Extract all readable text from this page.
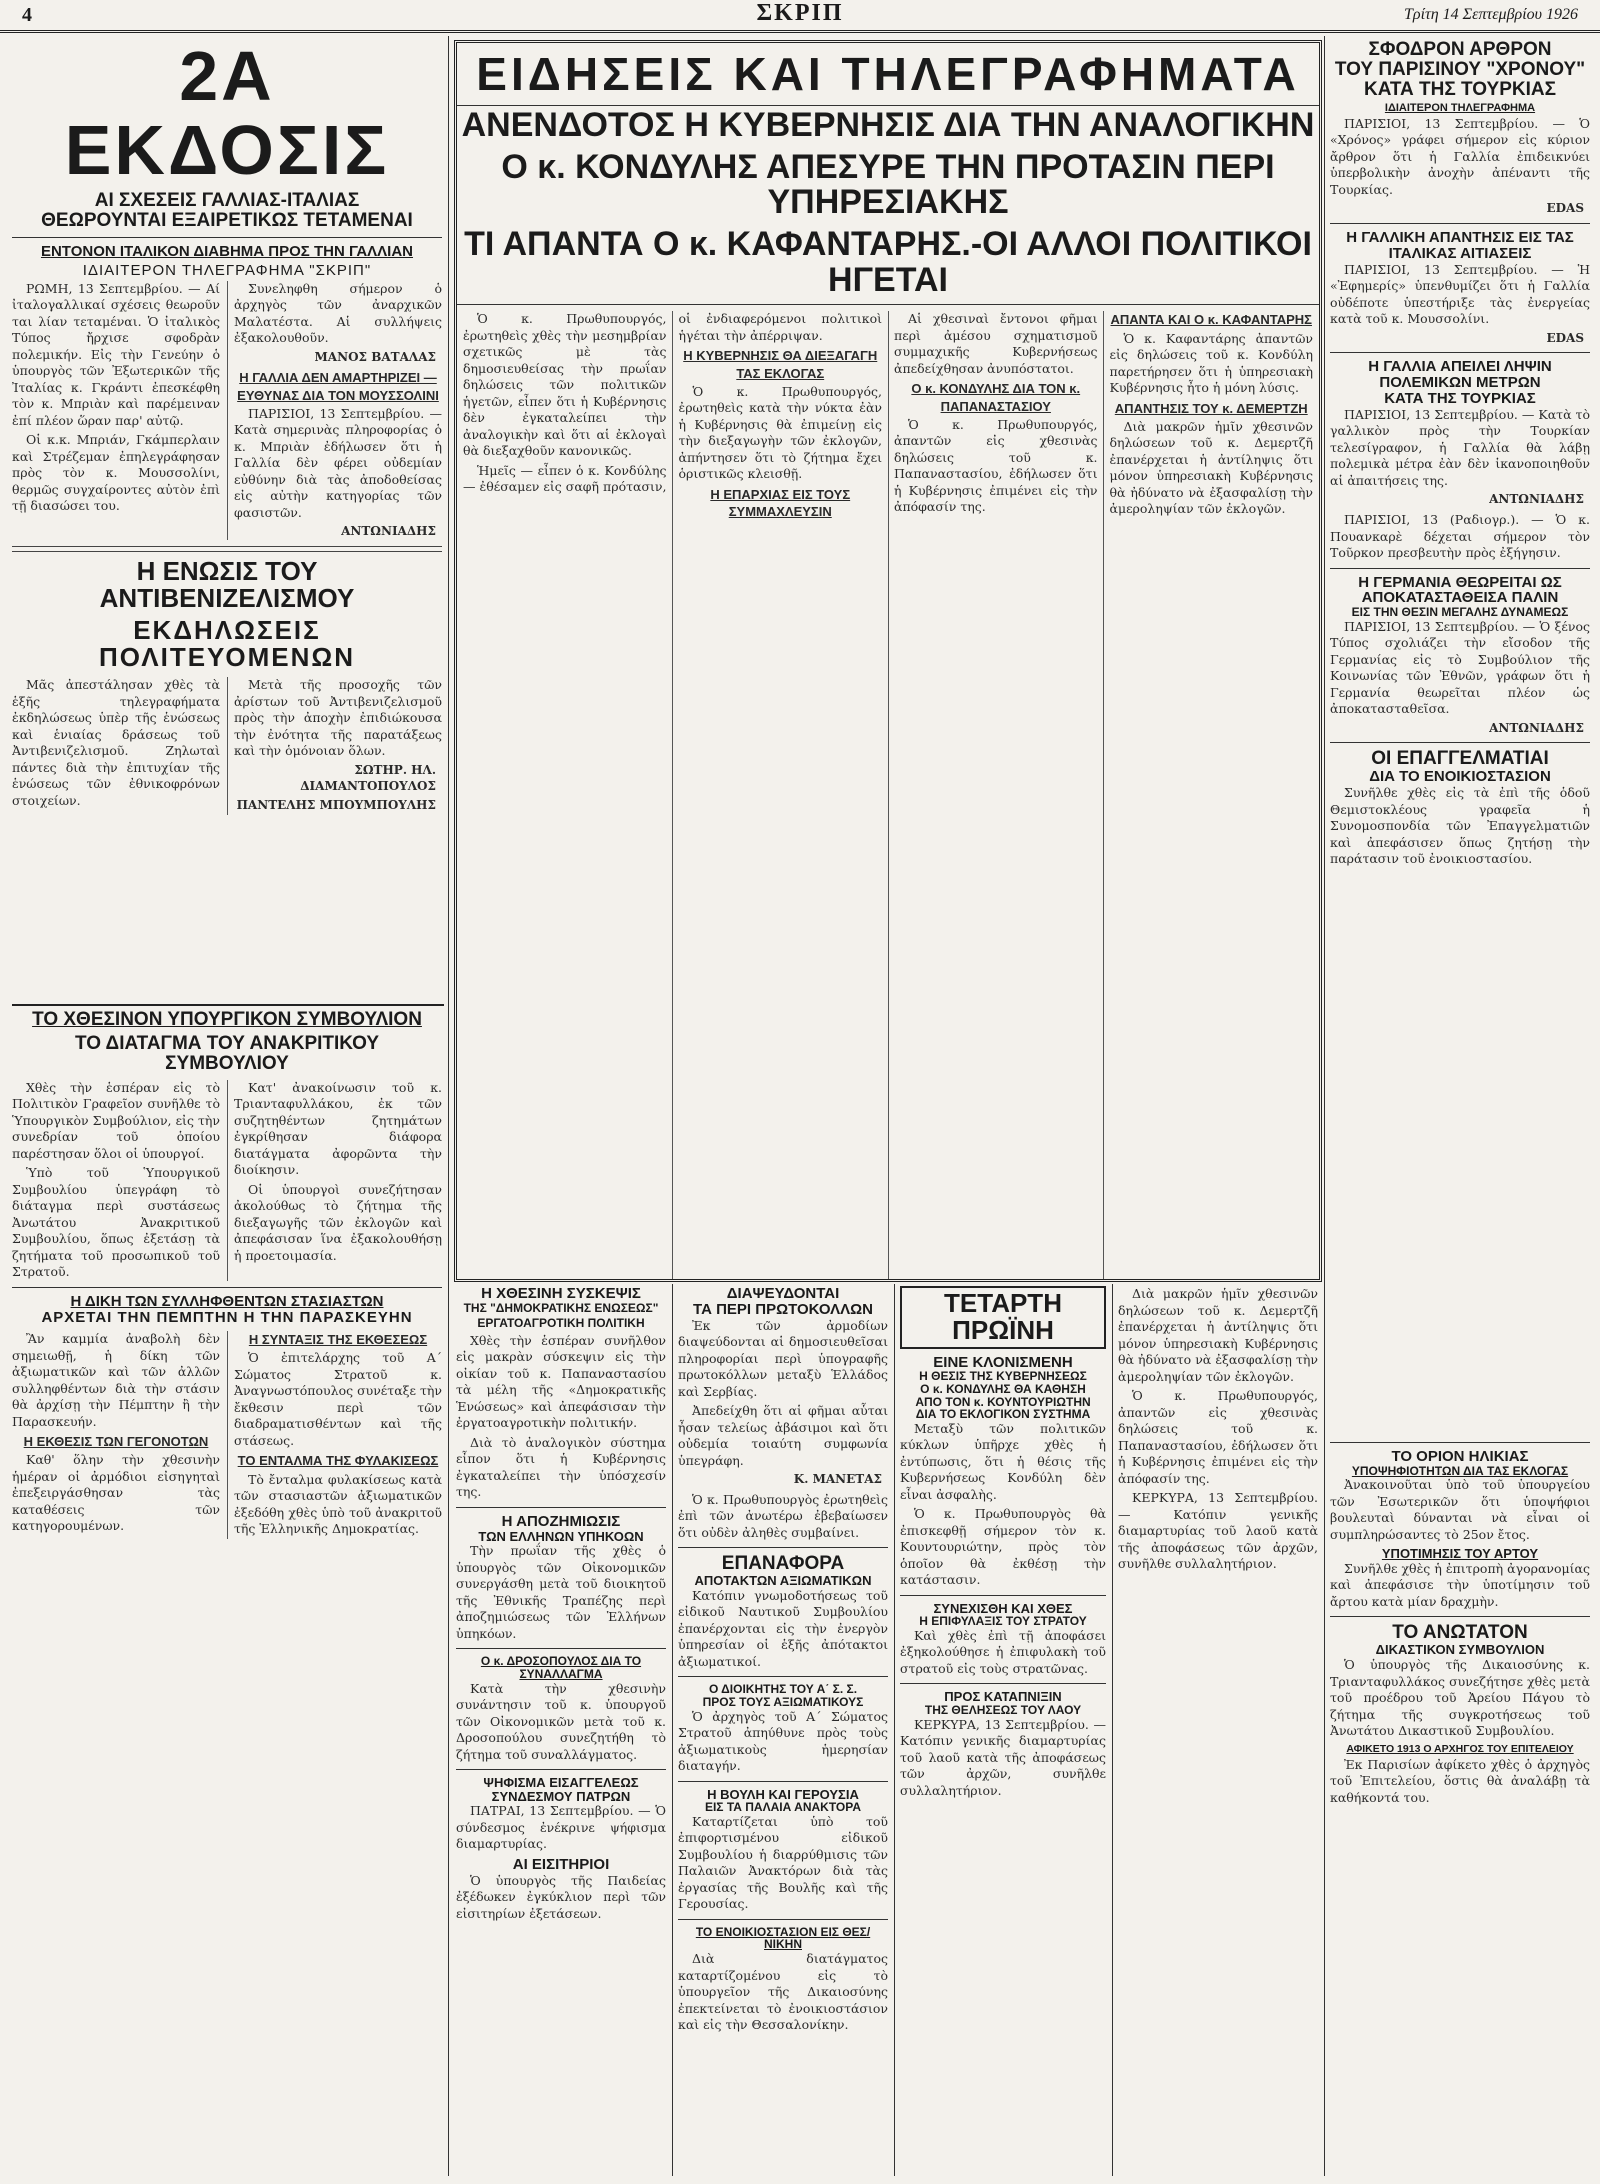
4	ΣΚΡΙΠ	Τρίτη 14 Σεπτεμβρίου 1926
2Α ΕΚΔΟΣΙΣ
ΑΙ ΣΧΕΣΕΙΣ ΓΑΛΛΙΑΣ-ΙΤΑΛΙΑΣ
ΘΕΩΡΟΥΝΤΑΙ ΕΞΑΙΡΕΤΙΚΩΣ ΤΕΤΑΜΕΝΑΙ
ΕΝΤΟΝΟΝ ΙΤΑΛΙΚΟΝ ΔΙΑΒΗΜΑ ΠΡΟΣ ΤΗΝ ΓΑΛΛΙΑΝ
ΙΔΙΑΙΤΕΡΟΝ ΤΗΛΕΓΡΑΦΗΜΑ "ΣΚΡΙΠ"

ΡΩΜΗ, 13 Σεπτεμβρίου. — Αί ἰταλογαλλικαί σχέσεις θεωροῦν ται λίαν τεταμέναι. Ὁ ἰταλικὸς Τύπος ἤρχισε σφοδρὰν πολεμικήν. Εἰς τὴν Γενεύην ὁ ὑπουργὸς τῶν Ἐξωτερικῶν τῆς Ἰταλίας κ. Γκράντι ἐπεσκέφθη τὸν κ. Μπριὰν καὶ παρέμειναν ἐπί πλέον ὥραν παρ' αὐτῷ.

Οἱ κ.κ. Μπριάν, Γκάμπερλαιν καὶ Στρέζεμαν ἐπηλεγράφησαν πρὸς τὸν κ. Μουσσολίνι, θερμῶς συγχαίροντες αὐτὸν ἐπὶ τῇ διασώσει του.

Συνεληφθη σήμερον ὁ ἀρχηγὸς τῶν ἀναρχικῶν Μαλατέστα. Αἱ συλλήψεις ἐξακολουθοῦν.

ΜΑΝΟΣ ΒΑΤΑΛΑΣ
Η ΓΑΛΛΙΑ ΔΕΝ ΑΜΑΡΤΗΡΙΖΕΙ — ΕΥΘΥΝΑΣ ΔΙΑ ΤΟΝ ΜΟΥΣΣΟΛΙΝΙ

ΠΑΡΙΣΙΟΙ, 13 Σεπτεμβρίου. — Κατὰ σημερινὰς πληροφορίας ὁ κ. Μπριὰν ἐδήλωσεν ὅτι ἡ Γαλλία δὲν φέρει οὐδεμίαν εὐθύνην διὰ τὰς ἀποδοθείσας εἰς αὐτὴν κατηγορίας τῶν φασιστῶν.

ΑΝΤΩΝΙΑΔΗΣ
Η ΕΝΩΣΙΣ ΤΟΥ ΑΝΤΙΒΕΝΙΖΕΛΙΣΜΟΥ
ΕΚΔΗΛΩΣΕΙΣ ΠΟΛΙΤΕΥΟΜΕΝΩΝ

Μᾶς ἀπεστάλησαν χθὲς τὰ ἑξῆς τηλεγραφήματα ἐκδηλώσεως ὑπὲρ τῆς ἑνώσεως καὶ ἑνιαίας δράσεως τοῦ Ἀντιβενιζελισμοῦ. Ζηλωταὶ πάντες διὰ τὴν ἐπιτυχίαν τῆς ἑνώσεως τῶν ἐθνικοφρόνων στοιχείων.

Μετὰ τῆς προσοχῆς τῶν ἀρίστων τοῦ Ἀντιβενιζελισμοῦ πρὸς τὴν ἀποχὴν ἐπιδιώκουσα τὴν ἐνότητα τῆς παρατάξεως καὶ τὴν ὁμόνοιαν ὅλων.

ΣΩΤΗΡ. ΗΛ. ΔΙΑΜΑΝΤΟΠΟΥΛΟΣ
ΠΑΝΤΕΛΗΣ ΜΠΟΥΜΠΟΥΛΗΣ
ΕΙΔΗΣΕΙΣ ΚΑΙ ΤΗΛΕΓΡΑΦΗΜΑΤΑ
ΑΝΕΝΔΟΤΟΣ Η ΚΥΒΕΡΝΗΣΙΣ ΔΙΑ ΤΗΝ ΑΝΑΛΟΓΙΚΗΝ
Ο κ. ΚΟΝΔΥΛΗΣ ΑΠΕΣΥΡΕ ΤΗΝ ΠΡΟΤΑΣΙΝ ΠΕΡΙ ΥΠΗΡΕΣΙΑΚΗΣ
ΤΙ ΑΠΑΝΤΑ Ο κ. ΚΑΦΑΝΤΑΡΗΣ.-ΟΙ ΑΛΛΟΙ ΠΟΛΙΤΙΚΟΙ ΗΓΕΤΑΙ

Ὁ κ. Πρωθυπουργός, ἐρωτηθεὶς χθὲς τὴν μεσημβρίαν σχετικῶς μὲ τὰς δημοσιευθείσας τὴν πρωΐαν δηλώσεις τῶν πολιτικῶν ἡγετῶν, εἶπεν ὅτι ἡ Κυβέρνησις δὲν ἐγκαταλείπει τὴν ἀναλογικὴν καὶ ὅτι αἱ ἐκλογαὶ θὰ διεξαχθοῦν κανονικῶς.

Ἡμεῖς — εἶπεν ὁ κ. Κονδύλης — ἐθέσαμεν εἰς σαφῆ πρότασιν, οἱ ἐνδιαφερόμενοι πολιτικοὶ ἡγέται τὴν ἀπέρριψαν.

Η ΚΥΒΕΡΝΗΣΙΣ ΘΑ ΔΙΕΞΑΓΑΓΗ ΤΑΣ ΕΚΛΟΓΑΣ

Ὁ κ. Πρωθυπουργός, ἐρωτηθεὶς κατὰ τὴν νύκτα ἐὰν ἡ Κυβέρνησις θὰ ἐπιμείνῃ εἰς τὴν διεξαγωγὴν τῶν ἐκλογῶν, ἀπήντησεν ὅτι τὸ ζήτημα ἔχει ὁριστικῶς κλεισθῇ.

Η ΕΠΑΡΧΙΑΣ ΕΙΣ ΤΟΥΣ ΣΥΜΜΑΧΛΕΥΣΙΝ

Αἱ χθεσιναὶ ἔντονοι φῆμαι περὶ ἀμέσου σχηματισμοῦ συμμαχικῆς Κυβερνήσεως ἀπεδείχθησαν ἀνυπόστατοι.

Ο κ. ΚΟΝΔΥΛΗΣ ΔΙΑ ΤΟΝ κ. ΠΑΠΑΝΑΣΤΑΣΙΟΥ

Ὁ κ. Πρωθυπουργός, ἀπαντῶν εἰς χθεσινὰς δηλώσεις τοῦ κ. Παπαναστασίου, ἐδήλωσεν ὅτι ἡ Κυβέρνησις ἐπιμένει εἰς τὴν ἀπόφασίν της.

ΑΠΑΝΤΑ ΚΑΙ Ο κ. ΚΑΦΑΝΤΑΡΗΣ

Ὁ κ. Καφαντάρης ἀπαντῶν εἰς δηλώσεις τοῦ κ. Κονδύλη παρετήρησεν ὅτι ἡ ὑπηρεσιακὴ Κυβέρνησις ἦτο ἡ μόνη λύσις.

ΑΠΑΝΤΗΣΙΣ ΤΟΥ κ. ΔΕΜΕΡΤΖΗ

Διὰ μακρῶν ἡμῖν χθεσινῶν δηλώσεων τοῦ κ. Δεμερτζῆ ἐπανέρχεται ἡ ἀντίληψις ὅτι μόνον ὑπηρεσιακὴ Κυβέρνησις θὰ ἠδύνατο νὰ ἐξασφαλίσῃ τὴν ἀμεροληψίαν τῶν ἐκλογῶν.

ΣΦΟΔΡΟΝ ΑΡΘΡΟΝ
ΤΟΥ ΠΑΡΙΣΙΝΟΥ "ΧΡΟΝΟΥ"
ΚΑΤΑ ΤΗΣ ΤΟΥΡΚΙΑΣ
ΙΔΙΑΙΤΕΡΟΝ ΤΗΛΕΓΡΑΦΗΜΑ

ΠΑΡΙΣΙΟΙ, 13 Σεπτεμβρίου. — Ὁ «Χρόνος» γράφει σήμερον εἰς κύριον ἄρθρον ὅτι ἡ Γαλλία ἐπιδεικνύει ὑπερβολικὴν ἀνοχὴν ἀπέναντι τῆς Τουρκίας.

EDAS
Η ΓΑΛΛΙΚΗ ΑΠΑΝΤΗΣΙΣ ΕΙΣ ΤΑΣ ΙΤΑΛΙΚΑΣ ΑΙΤΙΑΣΕΙΣ

ΠΑΡΙΣΙΟΙ, 13 Σεπτεμβρίου. — Ἡ «Ἐφημερίς» ὑπενθυμίζει ὅτι ἡ Γαλλία οὐδέποτε ὑπεστήριξε τὰς ἐνεργείας κατὰ τοῦ κ. Μουσσολίνι.

EDAS
Η ΓΑΛΛΙΑ ΑΠΕΙΛΕΙ ΛΗΨΙΝ ΠΟΛΕΜΙΚΩΝ ΜΕΤΡΩΝ
ΚΑΤΑ ΤΗΣ ΤΟΥΡΚΙΑΣ

ΠΑΡΙΣΙΟΙ, 13 Σεπτεμβρίου. — Κατὰ τὸ γαλλικὸν πρὸς τὴν Τουρκίαν τελεσίγραφον, ἡ Γαλλία θὰ λάβῃ πολεμικὰ μέτρα ἐὰν δὲν ἱκανοποιηθοῦν αἱ ἀπαιτήσεις της.

ΑΝΤΩΝΙΑΔΗΣ

ΠΑΡΙΣΙΟΙ, 13 (Ραδιογρ.). — Ὁ κ. Πουανκαρὲ δέχεται σήμερον τὸν Τοῦρκον πρεσβευτὴν πρὸς ἐξήγησιν.

Η ΓΕΡΜΑΝΙΑ ΘΕΩΡΕΙΤΑΙ ΩΣ ΑΠΟΚΑΤΑΣΤΑΘΕΙΣΑ ΠΑΛΙΝ
ΕΙΣ ΤΗΝ ΘΕΣΙΝ ΜΕΓΑΛΗΣ ΔΥΝΑΜΕΩΣ

ΠΑΡΙΣΙΟΙ, 13 Σεπτεμβρίου. — Ὁ ξένος Τύπος σχολιάζει τὴν εἴσοδον τῆς Γερμανίας εἰς τὸ Συμβούλιον τῆς Κοινωνίας τῶν Ἐθνῶν, γράφων ὅτι ἡ Γερμανία θεωρεῖται πλέον ὡς ἀποκατασταθεῖσα.

ΑΝΤΩΝΙΑΔΗΣ
ΟΙ ΕΠΑΓΓΕΛΜΑΤΙΑΙ
ΔΙΑ ΤΟ ΕΝΟΙΚΙΟΣΤΑΣΙΟΝ

Συνῆλθε χθὲς εἰς τὰ ἐπὶ τῆς ὁδοῦ Θεμιστοκλέους γραφεῖα ἡ Συνομοσπονδία τῶν Ἐπαγγελματιῶν καὶ ἀπεφάσισεν ὅπως ζητήσῃ τὴν παράτασιν τοῦ ἐνοικιοστασίου.

ΤΟ ΧΘΕΣΙΝΟΝ ΥΠΟΥΡΓΙΚΟΝ ΣΥΜΒΟΥΛΙΟΝ
ΤΟ ΔΙΑΤΑΓΜΑ ΤΟΥ ΑΝΑΚΡΙΤΙΚΟΥ ΣΥΜΒΟΥΛΙΟΥ

Χθὲς τὴν ἑσπέραν εἰς τὸ Πολιτικὸν Γραφεῖον συνῆλθε τὸ Ὑπουργικὸν Συμβούλιον, εἰς τὴν συνεδρίαν τοῦ ὁποίου παρέστησαν ὅλοι οἱ ὑπουργοί.

Ὑπὸ τοῦ Ὑπουργικοῦ Συμβουλίου ὑπεγράφη τὸ διάταγμα περὶ συστάσεως Ἀνωτάτου Ἀνακριτικοῦ Συμβουλίου, ὅπως ἐξετάσῃ τὰ ζητήματα τοῦ προσωπικοῦ τοῦ Στρατοῦ.

Κατ' ἀνακοίνωσιν τοῦ κ. Τριανταφυλλάκου, ἐκ τῶν συζητηθέντων ζητημάτων ἐγκρίθησαν διάφορα διατάγματα ἀφορῶντα τὴν διοίκησιν.

Οἱ ὑπουργοὶ συνεζήτησαν ἀκολούθως τὸ ζήτημα τῆς διεξαγωγῆς τῶν ἐκλογῶν καὶ ἀπεφάσισαν ἵνα ἐξακολουθήσῃ ἡ προετοιμασία.

Η ΔΙΚΗ ΤΩΝ ΣΥΛΛΗΦΘΕΝΤΩΝ ΣΤΑΣΙΑΣΤΩΝ
ΑΡΧΕΤΑΙ ΤΗΝ ΠΕΜΠΤΗΝ Η ΤΗΝ ΠΑΡΑΣΚΕΥΗΝ

Ἂν καμμία ἀναβολὴ δὲν σημειωθῇ, ἡ δίκη τῶν ἀξιωματικῶν καὶ τῶν ἀλλῶν συλληφθέντων διὰ τὴν στάσιν θὰ ἀρχίσῃ τὴν Πέμπτην ἢ τὴν Παρασκευήν.

Η ΕΚΘΕΣΙΣ ΤΩΝ ΓΕΓΟΝΟΤΩΝ

Καθ' ὅλην τὴν χθεσινὴν ἡμέραν οἱ ἀρμόδιοι εἰσηγηταὶ ἐπεξειργάσθησαν τὰς καταθέσεις τῶν κατηγορουμένων.

Η ΣΥΝΤΑΞΙΣ ΤΗΣ ΕΚΘΕΣΕΩΣ

Ὁ ἐπιτελάρχης τοῦ Α΄ Σώματος Στρατοῦ κ. Ἀναγνωστόπουλος συνέταξε τὴν ἔκθεσιν περὶ τῶν διαδραματισθέντων καὶ τῆς στάσεως.

ΤΟ ΕΝΤΑΛΜΑ ΤΗΣ ΦΥΛΑΚΙΣΕΩΣ

Τὸ ἔνταλμα φυλακίσεως κατὰ τῶν στασιαστῶν ἀξιωματικῶν ἐξεδόθη χθὲς ὑπὸ τοῦ ἀνακριτοῦ τῆς Ἑλληνικῆς Δημοκρατίας.

Η ΧΘΕΣΙΝΗ ΣΥΣΚΕΨΙΣ
ΤΗΣ "ΔΗΜΟΚΡΑΤΙΚΗΣ ΕΝΩΣΕΩΣ"
ΕΡΓΑΤΟΑΓΡΟΤΙΚΗ ΠΟΛΙΤΙΚΗ

Χθὲς τὴν ἑσπέραν συνῆλθον εἰς μακρὰν σύσκεψιν εἰς τὴν οἰκίαν τοῦ κ. Παπαναστασίου τὰ μέλη τῆς «Δημοκρατικῆς Ἑνώσεως» καὶ ἀπεφάσισαν τὴν ἐργατοαγροτικὴν πολιτικήν.

Διὰ τὸ ἀναλογικὸν σύστημα εἶπον ὅτι ἡ Κυβέρνησις ἐγκαταλείπει τὴν ὑπόσχεσίν της.

Η ΑΠΟΖΗΜΙΩΣΙΣ
ΤΩΝ ΕΛΛΗΝΩΝ ΥΠΗΚΟΩΝ

Τὴν πρωΐαν τῆς χθὲς ὁ ὑπουργὸς τῶν Οἰκονομικῶν συνεργάσθη μετὰ τοῦ διοικητοῦ τῆς Ἐθνικῆς Τραπέζης περὶ ἀποζημιώσεως τῶν Ἑλλήνων ὑπηκόων.

Ο κ. ΔΡΟΣΟΠΟΥΛΟΣ ΔΙΑ ΤΟ ΣΥΝΑΛΛΑΓΜΑ

Κατὰ τὴν χθεσινὴν συνάντησιν τοῦ κ. ὑπουργοῦ τῶν Οἰκονομικῶν μετὰ τοῦ κ. Δροσοπούλου συνεζητήθη τὸ ζήτημα τοῦ συναλλάγματος.

ΨΗΦΙΣΜΑ ΕΙΣΑΓΓΕΛΕΩΣ
ΣΥΝΔΕΣΜΟΥ ΠΑΤΡΩΝ

ΠΑΤΡΑΙ, 13 Σεπτεμβρίου. — Ὁ σύνδεσμος ἐνέκρινε ψήφισμα διαμαρτυρίας.

ΑΙ ΕΙΣΙΤΗΡΙΟΙ

Ὁ ὑπουργὸς τῆς Παιδείας ἐξέδωκεν ἐγκύκλιον περὶ τῶν εἰσιτηρίων ἐξετάσεων.

ΔΙΑΨΕΥΔΟΝΤΑΙ
ΤΑ ΠΕΡΙ ΠΡΩΤΟΚΟΛΛΩΝ

Ἐκ τῶν ἀρμοδίων διαψεύδονται αἱ δημοσιευθεῖσαι πληροφορίαι περὶ ὑπογραφῆς πρωτοκόλλων μεταξὺ Ἑλλάδος καὶ Σερβίας.

Ἀπεδείχθη ὅτι αἱ φῆμαι αὗται ἦσαν τελείως ἀβάσιμοι καὶ ὅτι οὐδεμία τοιαύτη συμφωνία ὑπεγράφη.

Κ. ΜΑΝΕΤΑΣ

Ὁ κ. Πρωθυπουργὸς ἐρωτηθεὶς ἐπὶ τῶν ἀνωτέρω ἐβεβαίωσεν ὅτι οὐδὲν ἀληθὲς συμβαίνει.

ΕΠΑΝΑΦΟΡΑ
ΑΠΟΤΑΚΤΩΝ ΑΞΙΩΜΑΤΙΚΩΝ

Κατόπιν γνωμοδοτήσεως τοῦ εἰδικοῦ Ναυτικοῦ Συμβουλίου ἐπανέρχονται εἰς τὴν ἐνεργὸν ὑπηρεσίαν οἱ ἑξῆς ἀπότακτοι ἀξιωματικοί.

Ο ΔΙΟΙΚΗΤΗΣ ΤΟΥ Α΄ Σ. Σ.
ΠΡΟΣ ΤΟΥΣ ΑΞΙΩΜΑΤΙΚΟΥΣ

Ὁ ἀρχηγὸς τοῦ Α΄ Σώματος Στρατοῦ ἀπηύθυνε πρὸς τοὺς ἀξιωματικοὺς ἡμερησίαν διαταγήν.

Η ΒΟΥΛΗ ΚΑΙ ΓΕΡΟΥΣΙΑ
ΕΙΣ ΤΑ ΠΑΛΑΙΑ ΑΝΑΚΤΟΡΑ

Καταρτίζεται ὑπὸ τοῦ ἐπιφορτισμένου εἰδικοῦ Συμβουλίου ἡ διαρρύθμισις τῶν Παλαιῶν Ἀνακτόρων διὰ τὰς ἐργασίας τῆς Βουλῆς καὶ τῆς Γερουσίας.

ΤΟ ΕΝΟΙΚΙΟΣΤΑΣΙΟΝ ΕΙΣ ΘΕΣ/ΝΙΚΗΝ

Διὰ διατάγματος καταρτίζομένου εἰς τὸ ὑπουργεῖον τῆς Δικαιοσύνης ἐπεκτείνεται τὸ ἐνοικιοστάσιον καὶ εἰς τὴν Θεσσαλονίκην.

ΤΕΤΑΡΤΗ ΠΡΩΪΝΗ
ΕΙΝΕ ΚΛΟΝΙΣΜΕΝΗ
Η ΘΕΣΙΣ ΤΗΣ ΚΥΒΕΡΝΗΣΕΩΣ
Ο κ. ΚΟΝΔΥΛΗΣ ΘΑ ΚΑΘΗΣΗ
ΑΠΟ ΤΟΝ κ. ΚΟΥΝΤΟΥΡΙΩΤΗΝ
ΔΙΑ ΤΟ ΕΚΛΟΓΙΚΟΝ ΣΥΣΤΗΜΑ

Μεταξὺ τῶν πολιτικῶν κύκλων ὑπῆρχε χθὲς ἡ ἐντύπωσις, ὅτι ἡ θέσις τῆς Κυβερνήσεως Κονδύλη δὲν εἶναι ἀσφαλὴς.

Ὁ κ. Πρωθυπουργὸς θὰ ἐπισκεφθῇ σήμερον τὸν κ. Κουντουριώτην, πρὸς τὸν ὁποῖον θὰ ἐκθέσῃ τὴν κατάστασιν.

ΣΥΝΕΧΙΣΘΗ ΚΑΙ ΧΘΕΣ
Η ΕΠΙΦΥΛΑΞΙΣ ΤΟΥ ΣΤΡΑΤΟΥ

Καὶ χθὲς ἐπὶ τῇ ἀποφάσει ἐξηκολούθησε ἡ ἐπιφυλακὴ τοῦ στρατοῦ εἰς τοὺς στρατῶνας.

ΠΡΟΣ ΚΑΤΑΠΝΙΞΙΝ
ΤΗΣ ΘΕΛΗΣΕΩΣ ΤΟΥ ΛΑΟΥ

ΚΕΡΚΥΡΑ, 13 Σεπτεμβρίου. — Κατόπιν γενικῆς διαμαρτυρίας τοῦ λαοῦ κατὰ τῆς ἀποφάσεως τῶν ἀρχῶν, συνῆλθε συλλαλητήριον.

Διὰ μακρῶν ἡμῖν χθεσινῶν δηλώσεων τοῦ κ. Δεμερτζῆ ἐπανέρχεται ἡ ἀντίληψις ὅτι μόνον ὑπηρεσιακὴ Κυβέρνησις θὰ ἠδύνατο νὰ ἐξασφαλίσῃ τὴν ἀμεροληψίαν τῶν ἐκλογῶν.

Ὁ κ. Πρωθυπουργός, ἀπαντῶν εἰς χθεσινὰς δηλώσεις τοῦ κ. Παπαναστασίου, ἐδήλωσεν ὅτι ἡ Κυβέρνησις ἐπιμένει εἰς τὴν ἀπόφασίν της.

ΚΕΡΚΥΡΑ, 13 Σεπτεμβρίου. — Κατόπιν γενικῆς διαμαρτυρίας τοῦ λαοῦ κατὰ τῆς ἀποφάσεως τῶν ἀρχῶν, συνῆλθε συλλαλητήριον.

ΤΟ ΟΡΙΟΝ ΗΛΙΚΙΑΣ
ΥΠΟΨΗΦΙΟΤΗΤΩΝ ΔΙΑ ΤΑΣ ΕΚΛΟΓΑΣ

Ἀνακοινοῦται ὑπὸ τοῦ ὑπουργείου τῶν Ἐσωτερικῶν ὅτι ὑποψήφιοι βουλευταὶ δύνανται νὰ εἶναι οἱ συμπληρώσαντες τὸ 25ον ἔτος.

ΥΠΟΤΙΜΗΣΙΣ ΤΟΥ ΑΡΤΟΥ

Συνῆλθε χθὲς ἡ ἐπιτροπὴ ἀγορανομίας καὶ ἀπεφάσισε τὴν ὑποτίμησιν τοῦ ἄρτου κατὰ μίαν δραχμὴν.

ΤΟ ΑΝΩΤΑΤΟΝ
ΔΙΚΑΣΤΙΚΟΝ ΣΥΜΒΟΥΛΙΟΝ

Ὁ ὑπουργὸς τῆς Δικαιοσύνης κ. Τριανταφυλλάκος συνεζήτησε χθὲς μετὰ τοῦ προέδρου τοῦ Ἀρείου Πάγου τὸ ζήτημα τῆς συγκροτήσεως τοῦ Ἀνωτάτου Δικαστικοῦ Συμβουλίου.

ΑΦΙΚΕΤΟ 1913 Ο ΑΡΧΗΓΟΣ ΤΟΥ ΕΠΙΤΕΛΕΙΟΥ

Ἐκ Παρισίων ἀφίκετο χθὲς ὁ ἀρχηγὸς τοῦ Ἐπιτελείου, ὅστις θὰ ἀναλάβῃ τὰ καθήκοντά του.
